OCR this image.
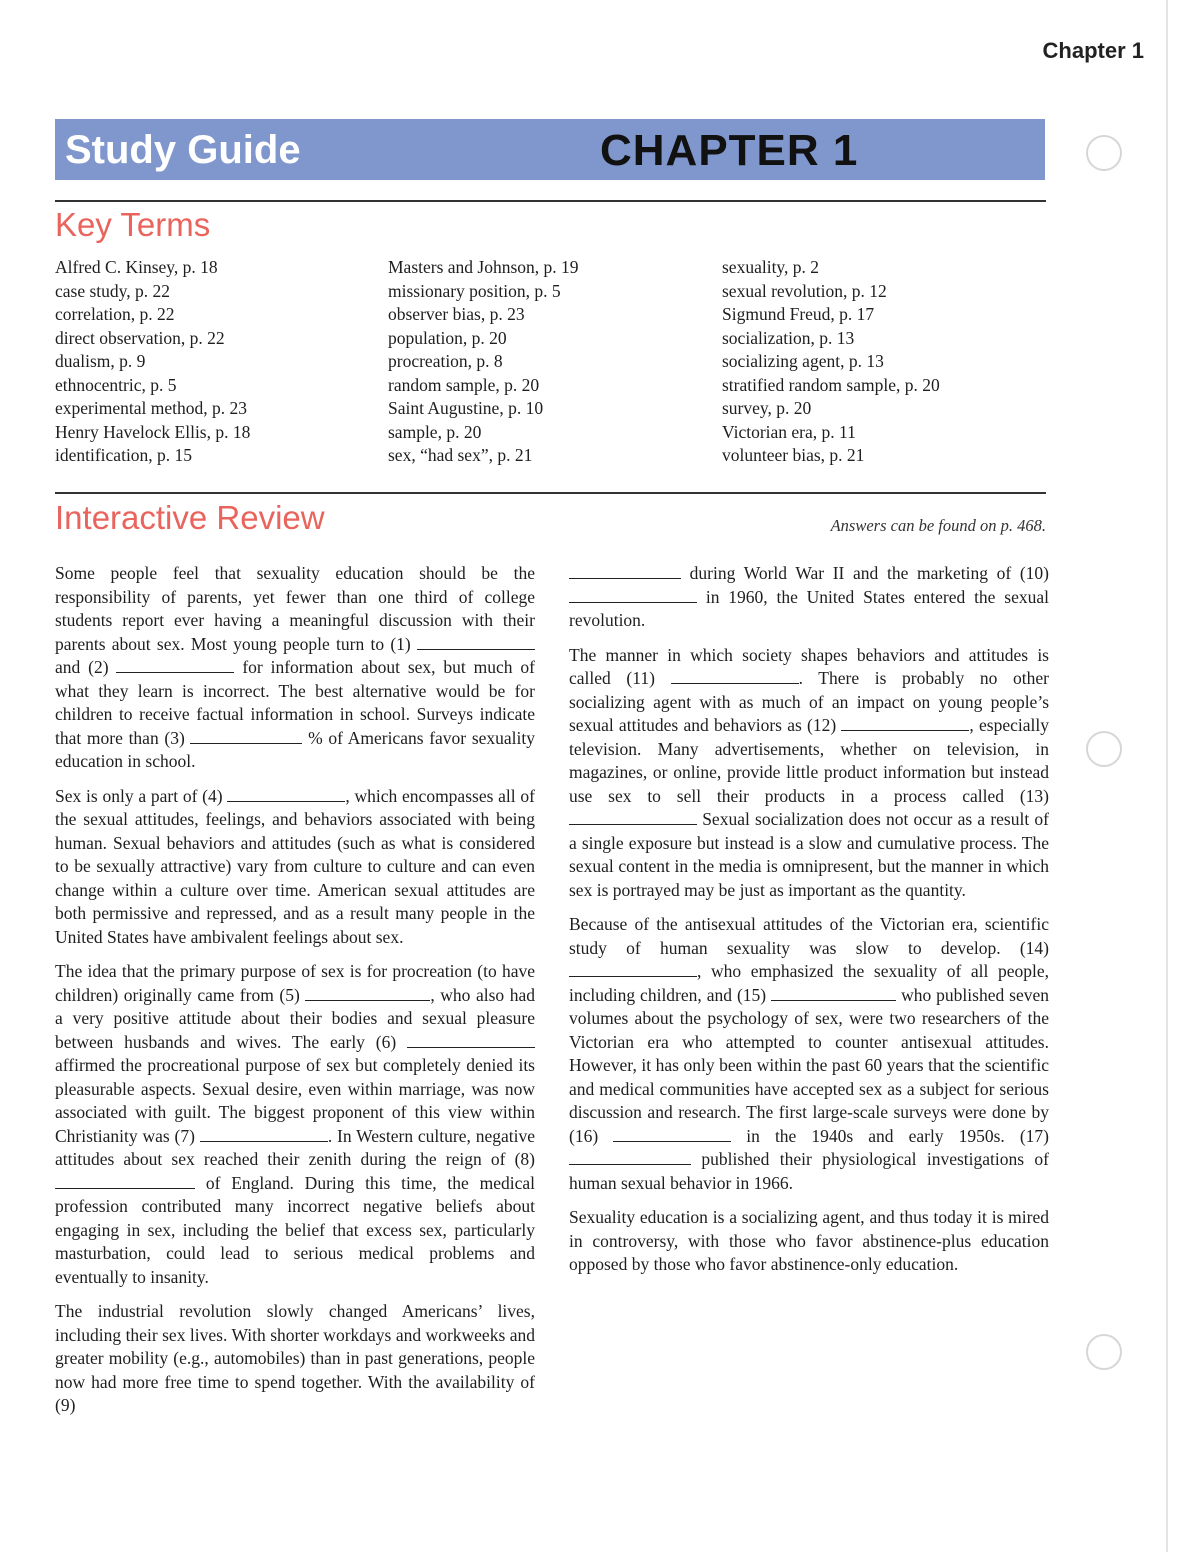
Chapter 1
Study Guide	CHAPTER 1
Key Terms
Alfred C. Kinsey, p. 18
case study, p. 22
correlation, p. 22
direct observation, p. 22
dualism, p. 9
ethnocentric, p. 5
experimental method, p. 23
Henry Havelock Ellis, p. 18
identification, p. 15
Masters and Johnson, p. 19
missionary position, p. 5
observer bias, p. 23
population, p. 20
procreation, p. 8
random sample, p. 20
Saint Augustine, p. 10
sample, p. 20
sex, “had sex”, p. 21
sexuality, p. 2
sexual revolution, p. 12
Sigmund Freud, p. 17
socialization, p. 13
socializing agent, p. 13
stratified random sample, p. 20
survey, p. 20
Victorian era, p. 11
volunteer bias, p. 21
Interactive Review	Answers can be found on p. 468.

Some people feel that sexuality education should be the responsibility of parents, yet fewer than one third of college students report ever having a meaningful discussion with their parents about sex. Most young people turn to (1) and (2)	for information about sex, but much of what they learn is incorrect. The best alternative would be for children to receive factual information in school. Surveys indicate that more than (3)	% of Americans favor sexuality education in school.

Sex is only a part of (4)	, which encompasses all of the sexual attitudes, feelings, and behaviors associated with being human. Sexual behaviors and attitudes (such as what is considered to be sexually attractive) vary from culture to culture and can even change within a culture over time. American sexual attitudes are both permissive and repressed, and as a result many people in the United States have ambivalent feelings about sex.

The idea that the primary purpose of sex is for procreation (to have children) originally came from (5)	, who also had a very positive attitude about their bodies and sexual pleasure between husbands and wives. The early (6)  affirmed the procreational purpose of sex but completely denied its pleasurable aspects. Sexual desire, even within marriage, was now associated with guilt. The biggest proponent of this view within Christianity was (7)	. In Western culture, negative attitudes about sex reached their zenith during the reign of (8)  of England. During this time, the medical profession contributed many incorrect negative beliefs about engaging in sex, including the belief that excess sex, particularly masturbation, could lead to serious medical problems and eventually to insanity.

The industrial revolution slowly changed Americans’ lives, including their sex lives. With shorter workdays and workweeks and greater mobility (e.g., automobiles) than in past generations, people now had more free time to spend together. With the availability of (9)

during World War II and the marketing of (10)  in 1960, the United States entered the sexual revolution.

The manner in which society shapes behaviors and attitudes is called (11)	. There is probably no other socializing agent with as much of an impact on young people’s sexual attitudes and behaviors as (12)	, especially television. Many advertisements, whether on television, in magazines, or online, provide little product information but instead use sex to sell their products in a process called (13)  Sexual socialization does not occur as a result of a single exposure but instead is a slow and cumulative process. The sexual content in the media is omnipresent, but the manner in which sex is portrayed may be just as important as the quantity.

Because of the antisexual attitudes of the Victorian era, scientific study of human sexuality was slow to develop. (14) , who emphasized the sexuality of all people, including children, and (15)	who published seven volumes about the psychology of sex, were two researchers of the Victorian era who attempted to counter antisexual attitudes. However, it has only been within the past 60 years that the scientific and medical communities have accepted sex as a subject for serious discussion and research. The first large-scale surveys were done by (16)	in the 1940s and early 1950s. (17)  published their physiological investigations of human sexual behavior in 1966.

Sexuality education is a socializing agent, and thus today it is mired in controversy, with those who favor abstinence-plus education opposed by those who favor abstinence-only education.
